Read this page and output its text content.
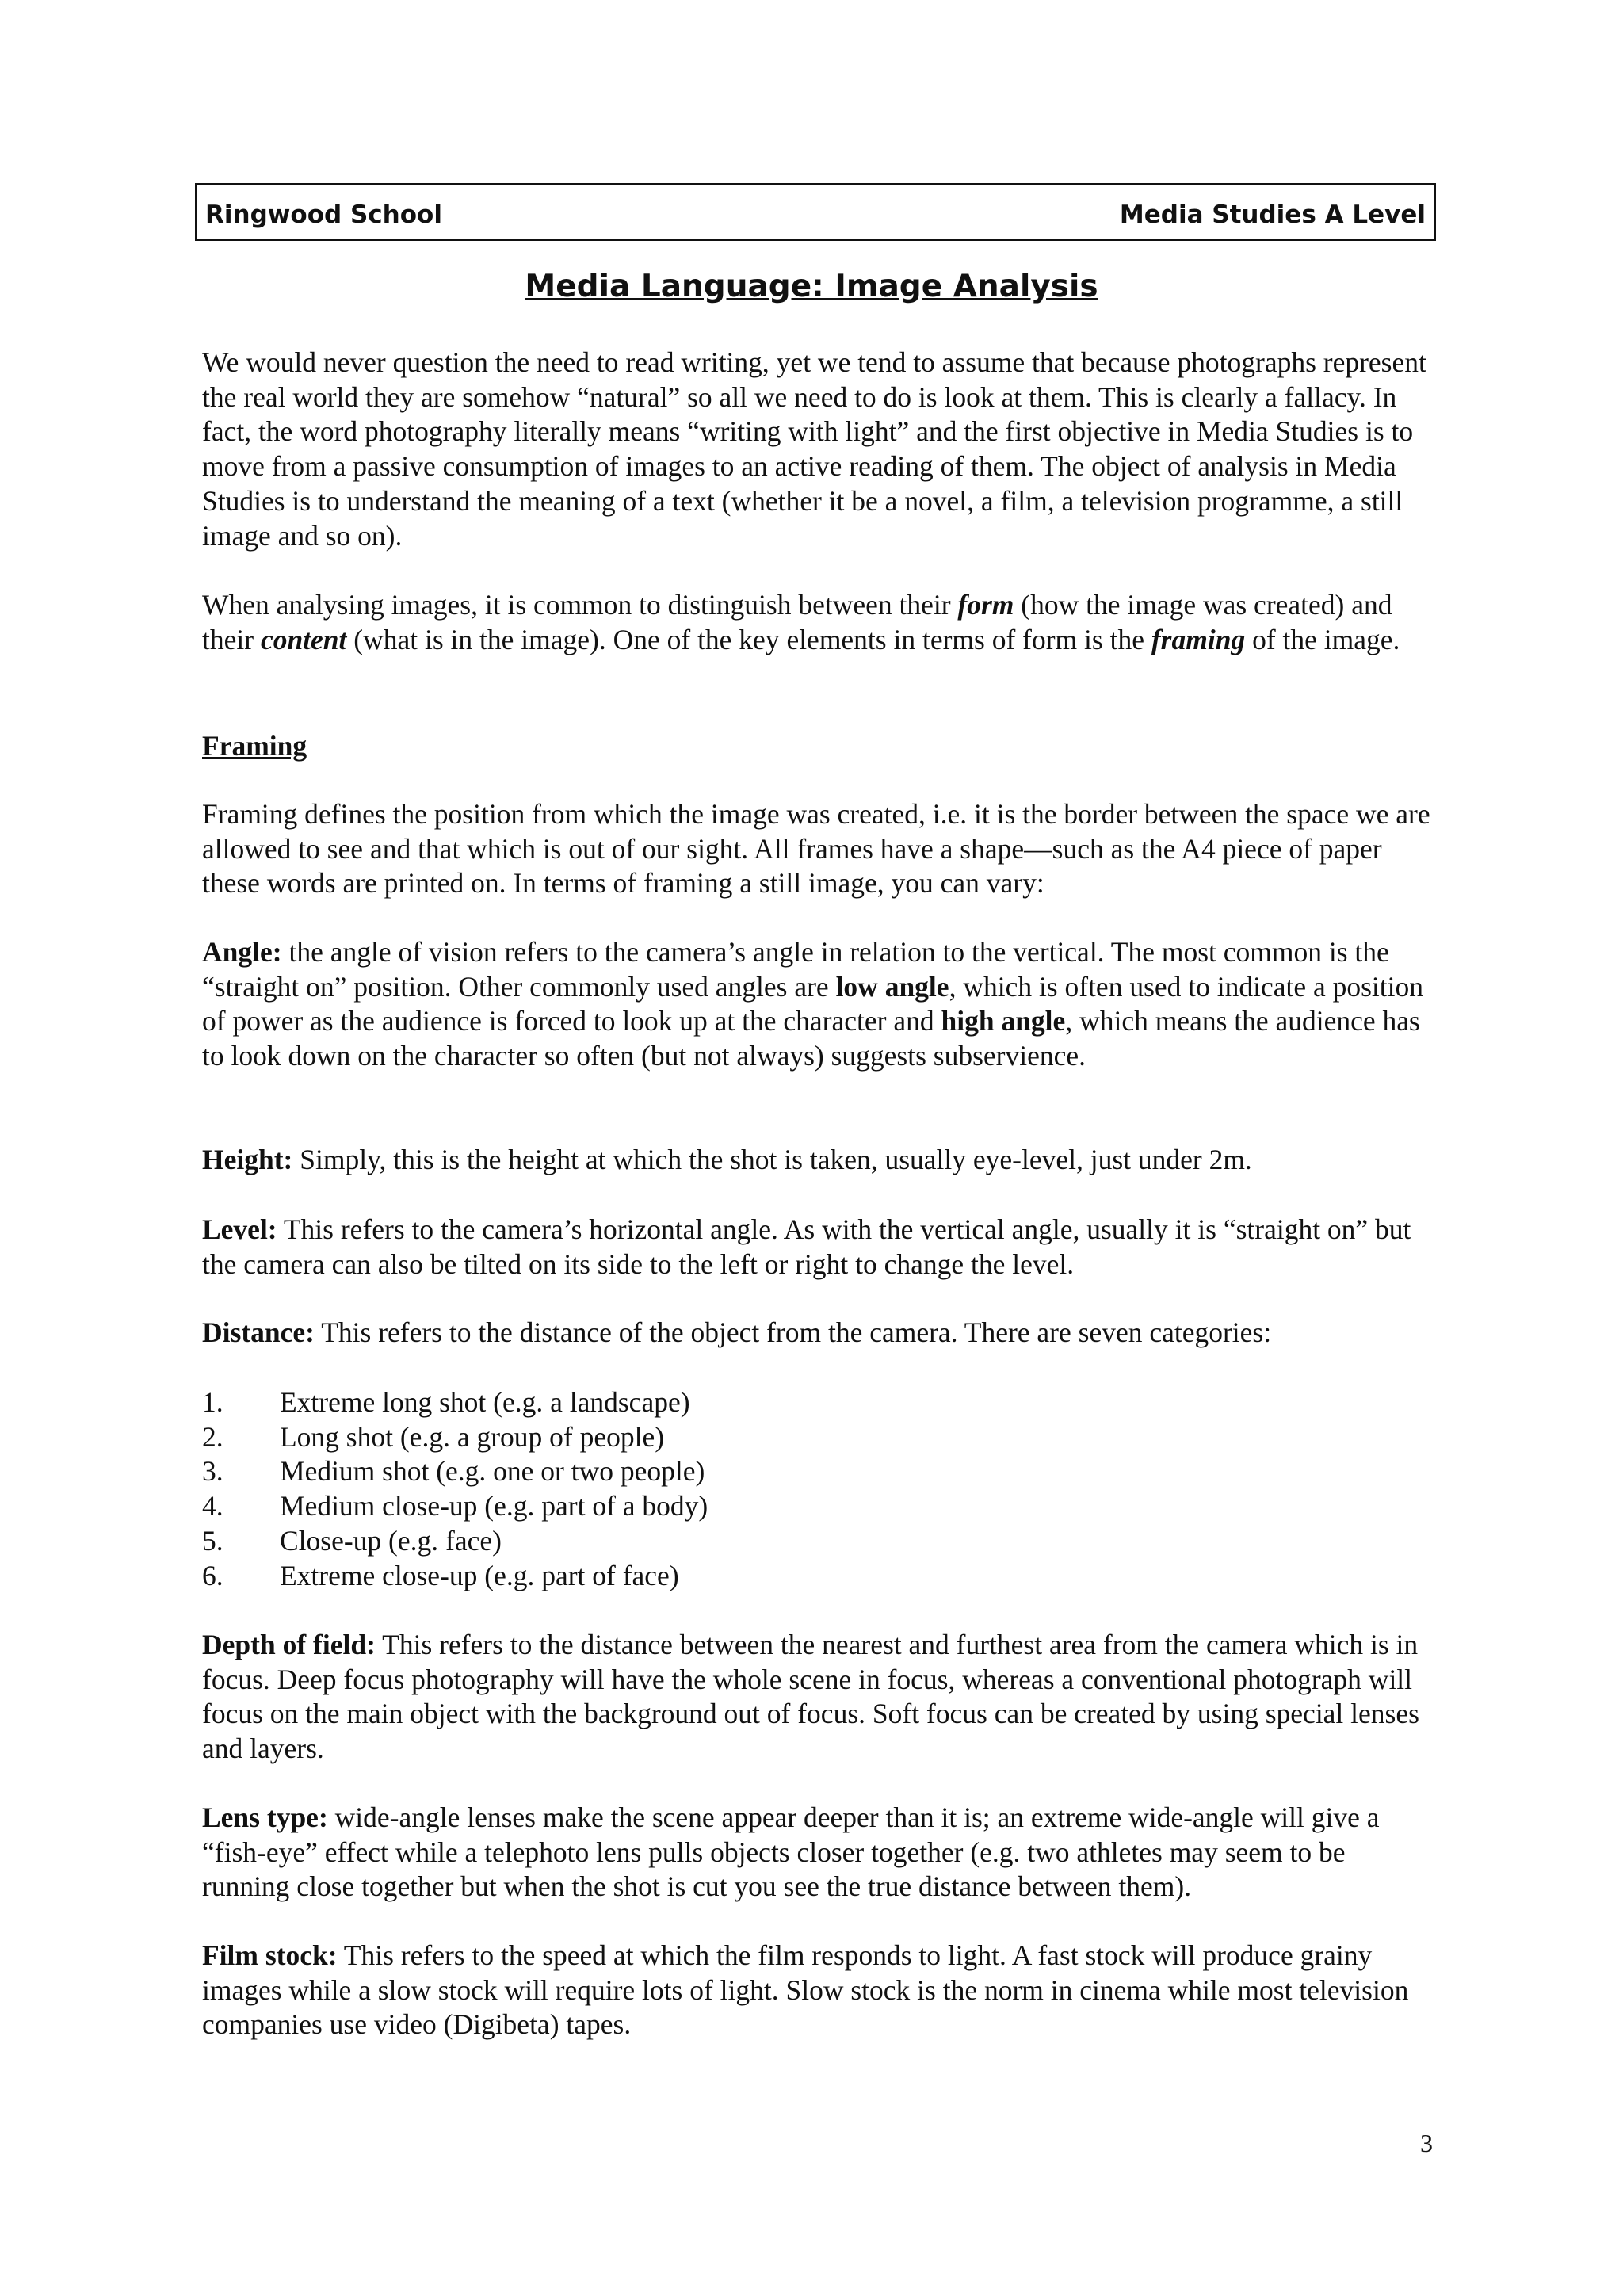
Ringwood School	Media Studies A Level
Media Language: Image Analysis

We would never question the need to read writing, yet we tend to assume that because photographs represent the real world they are somehow “natural” so all we need to do is look at them. This is clearly a fallacy. In fact, the word photography literally means “writing with light” and the first objective in Media Studies is to move from a passive consumption of images to an active reading of them. The object of analysis in Media Studies is to understand the meaning of a text (whether it be a novel, a film, a television programme, a still image and so on).

When analysing images, it is common to distinguish between their form (how the image was created) and their content (what is in the image). One of the key elements in terms of form is the framing of the image.

Framing

Framing defines the position from which the image was created, i.e. it is the border between the space we are allowed to see and that which is out of our sight. All frames have a shape—such as the A4 piece of paper these words are printed on. In terms of framing a still image, you can vary:

Angle: the angle of vision refers to the camera’s angle in relation to the vertical. The most common is the “straight on” position. Other commonly used angles are low angle, which is often used to indicate a position of power as the audience is forced to look up at the character and high angle, which means the audience has to look down on the character so often (but not always) suggests subservience.

Height: Simply, this is the height at which the shot is taken, usually eye-level, just under 2m.

Level: This refers to the camera’s horizontal angle. As with the vertical angle, usually it is “straight on” but the camera can also be tilted on its side to the left or right to change the level.

Distance: This refers to the distance of the object from the camera. There are seven categories:

1. Extreme long shot (e.g. a landscape)
2. Long shot (e.g. a group of people)
3. Medium shot (e.g. one or two people)
4. Medium close-up (e.g. part of a body)
5. Close-up (e.g. face)
6. Extreme close-up (e.g. part of face)

Depth of field: This refers to the distance between the nearest and furthest area from the camera which is in focus. Deep focus photography will have the whole scene in focus, whereas a conventional photograph will focus on the main object with the background out of focus. Soft focus can be created by using special lenses and layers.

Lens type: wide-angle lenses make the scene appear deeper than it is; an extreme wide-angle will give a “fish-eye” effect while a telephoto lens pulls objects closer together (e.g. two athletes may seem to be running close together but when the shot is cut you see the true distance between them).

Film stock: This refers to the speed at which the film responds to light. A fast stock will produce grainy images while a slow stock will require lots of light. Slow stock is the norm in cinema while most television companies use video (Digibeta) tapes.

3
